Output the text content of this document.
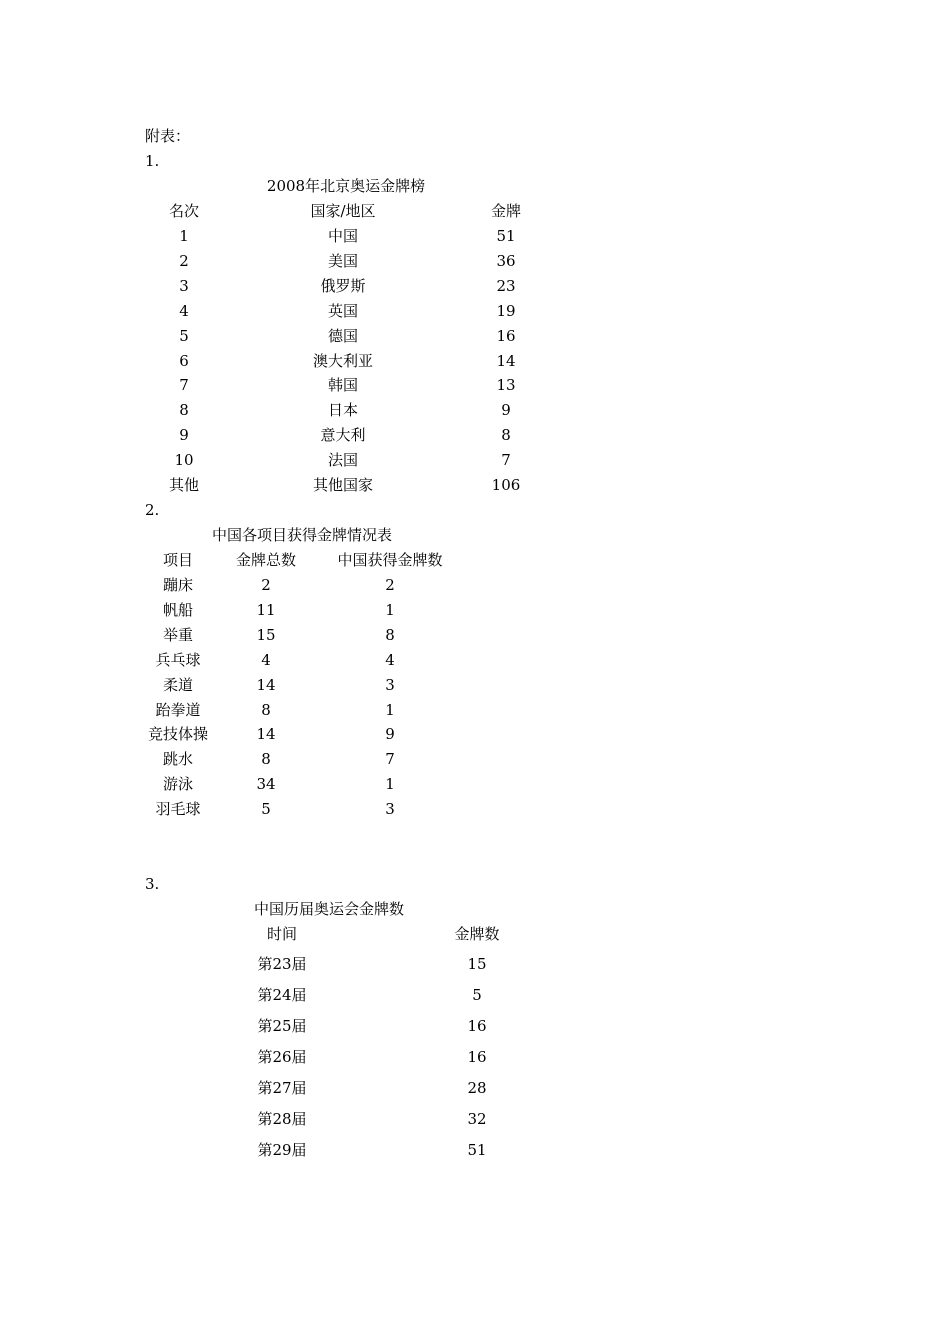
附表：
1.
2008年北京奥运金牌榜
名次	国家/地区	金牌
1	中国	51
2	美国	36
3	俄罗斯	23
4	英国	19
5	德国	16
6	澳大利亚	14
7	韩国	13
8	日本	9
9	意大利	8
10	法国	7
其他	其他国家	106
2.
中国各项目获得金牌情况表
项目	金牌总数	中国获得金牌数
蹦床	2	2
帆船	11	1
举重	15	8
兵乓球	4	4
柔道	14	3
跆拳道	8	1
竞技体操	14	9
跳水	8	7
游泳	34	1
羽毛球	5	3
3.
中国历届奥运会金牌数
时间	金牌数
第23届	15
第24届	5
第25届	16
第26届	16
第27届	28
第28届	32
第29届	51
